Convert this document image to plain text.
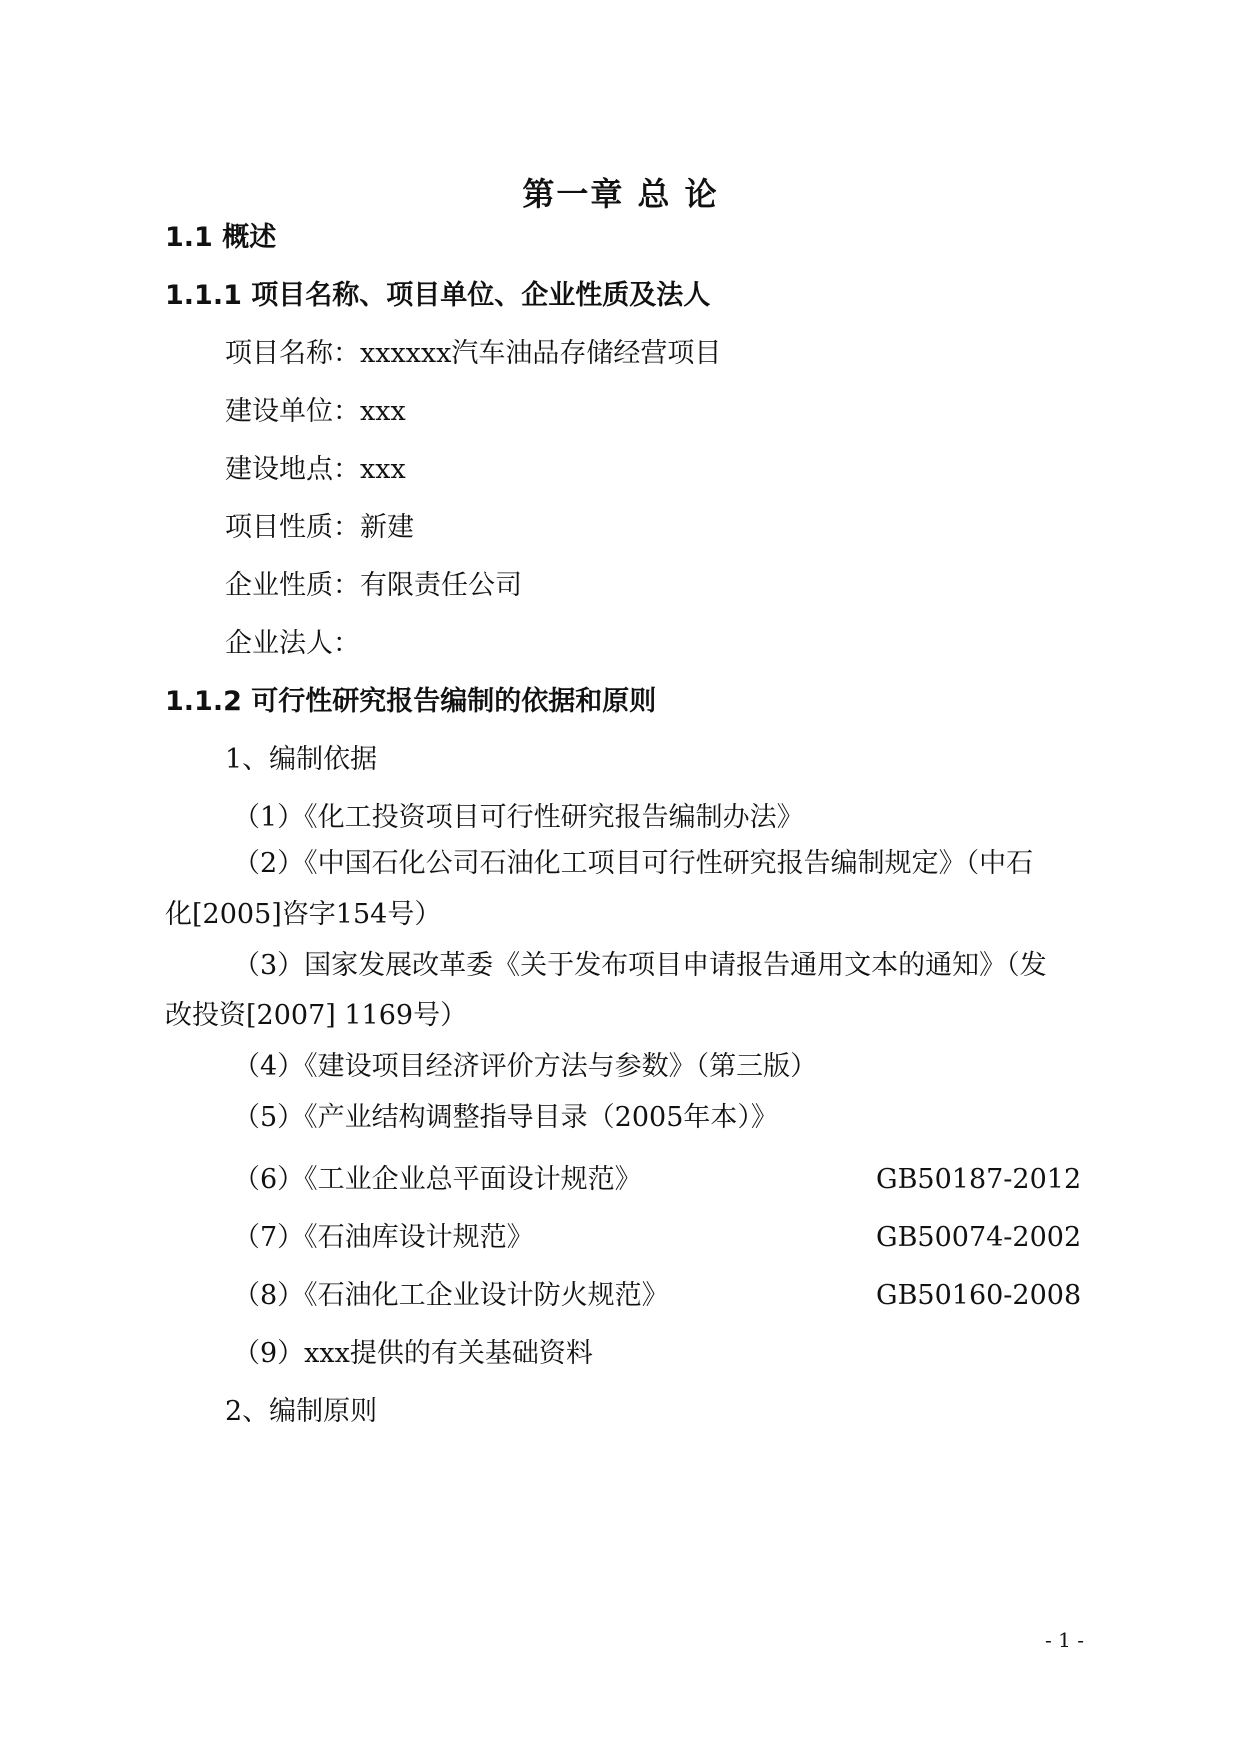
第一章 总 论
1.1 概述
1.1.1 项目名称、项目单位、企业性质及法人
项目名称：xxxxxx汽车油品存储经营项目
建设单位：xxx
建设地点：xxx
项目性质：新建
企业性质：有限责任公司
企业法人：
1.1.2 可行性研究报告编制的依据和原则
1、编制依据
（1）《化工投资项目可行性研究报告编制办法》
（2）《中国石化公司石油化工项目可行性研究报告编制规定》（中石
化[2005]咨字154号）
（3）国家发展改革委《关于发布项目申请报告通用文本的通知》（发
改投资[2007] 1169号）
（4）《建设项目经济评价方法与参数》（第三版）
（5）《产业结构调整指导目录（2005年本）》
（6）《工业企业总平面设计规范》	GB50187-2012
（7）《石油库设计规范》	GB50074-2002
（8）《石油化工企业设计防火规范》	GB50160-2008
（9）xxx提供的有关基础资料
2、编制原则
- 1 -
